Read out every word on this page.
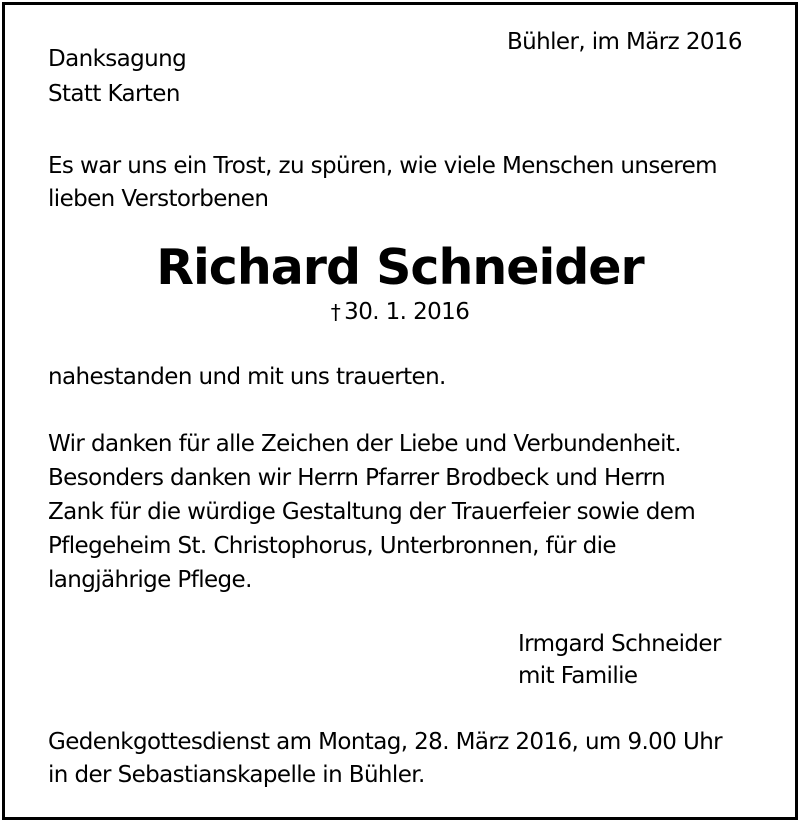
Bühler, im März 2016
Danksagung
Statt Karten
Es war uns ein Trost, zu spüren, wie viele Menschen unserem
lieben Verstorbenen
Richard Schneider
† 30. 1. 2016
nahestanden und mit uns trauerten.
Wir danken für alle Zeichen der Liebe und Verbundenheit.
Besonders danken wir Herrn Pfarrer Brodbeck und Herrn
Zank für die würdige Gestaltung der Trauerfeier sowie dem
Pflegeheim St. Christophorus, Unterbronnen, für die
langjährige Pflege.
Irmgard Schneider
mit Familie
Gedenkgottesdienst am Montag, 28. März 2016, um 9.00 Uhr
in der Sebastianskapelle in Bühler.
